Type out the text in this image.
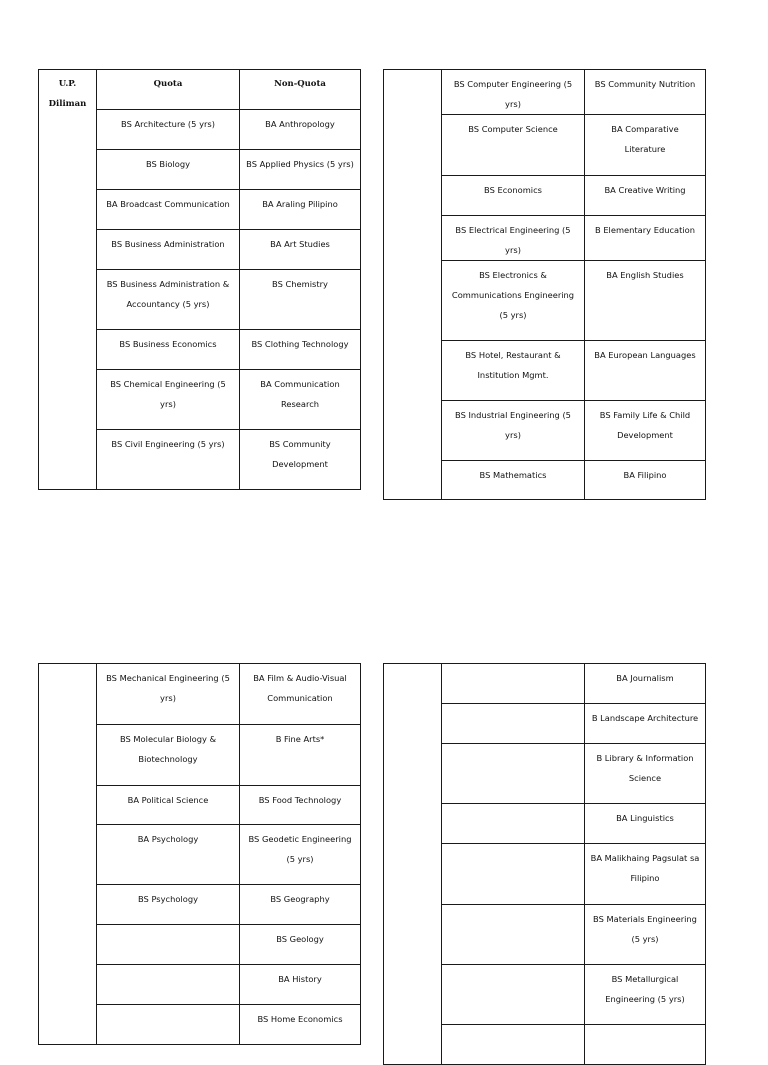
U.P. Diliman	Quota	Non-Quota
	BS Architecture (5 yrs)	BA Anthropology
	BS Biology	BS Applied Physics (5 yrs)
	BA Broadcast Communication	BA Araling Pilipino
	BS Business Administration	BA Art Studies
	BS Business Administration & Accountancy (5 yrs)	BS Chemistry
	BS Business Economics	BS Clothing Technology
	BS Chemical Engineering (5 yrs)	BA Communication Research
	BS Civil Engineering (5 yrs)	BS Community Development
	BS Computer Engineering (5 yrs)	BS Community Nutrition
	BS Computer Science	BA Comparative Literature
	BS Economics	BA Creative Writing
	BS Electrical Engineering (5 yrs)	B Elementary Education
	BS Electronics & Communications Engineering (5 yrs)	BA English Studies
	BS Hotel, Restaurant & Institution Mgmt.	BA European Languages
	BS Industrial Engineering (5 yrs)	BS Family Life & Child Development
	BS Mathematics	BA Filipino
	BS Mechanical Engineering (5 yrs)	BA Film & Audio-Visual Communication
	BS Molecular Biology & Biotechnology	B Fine Arts*
	BA Political Science	BS Food Technology
	BA Psychology	BS Geodetic Engineering (5 yrs)
	BS Psychology	BS Geography
		BS Geology
		BA History
		BS Home Economics
		BA Journalism
		B Landscape Architecture
		B Library & Information Science
		BA Linguistics
		BA Malikhaing Pagsulat sa Filipino
		BS Materials Engineering (5 yrs)
		BS Metallurgical Engineering (5 yrs)
